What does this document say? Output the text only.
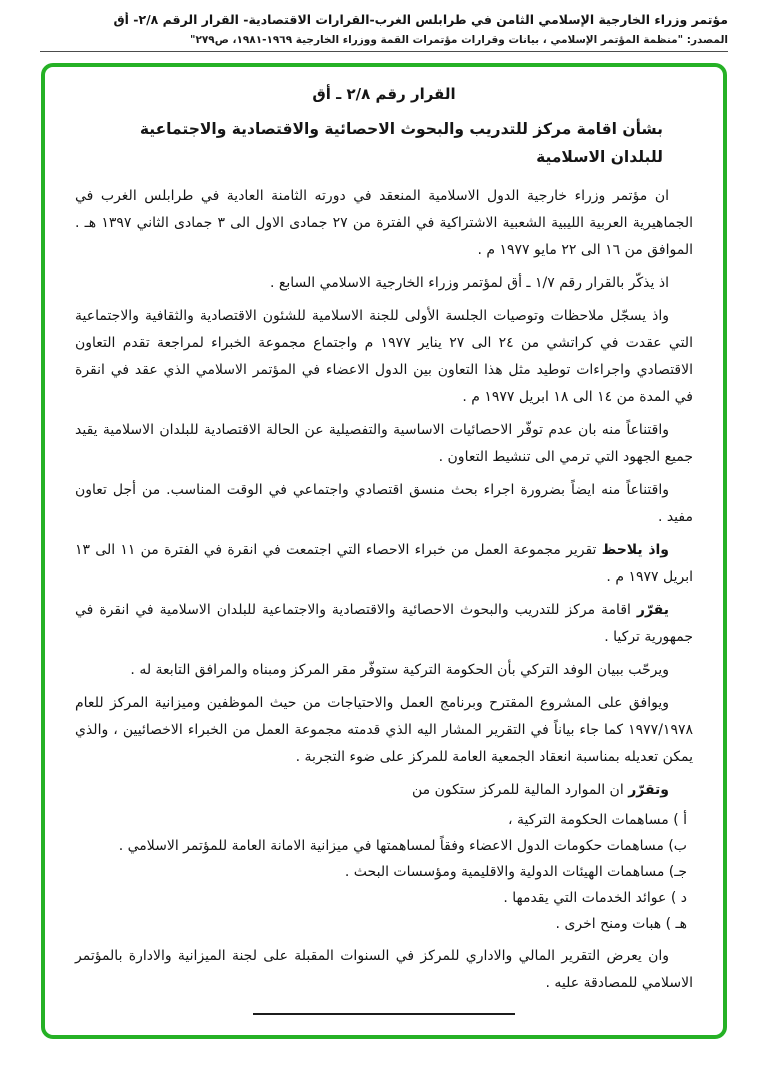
مؤتمر وزراء الخارجية الإسلامي الثامن في طرابلس الغرب-القرارات الاقتصادية- القرار الرقم ٢/٨- أق
المصدر: "منظمة المؤتمر الإسلامي ، بيانات وقرارات مؤتمرات القمة ووزراء الخارجية ١٩٦٩-١٩٨١، ص٢٧٩"
القرار رقم ٢/٨ ـ أق
بشأن اقامة مركز للتدريب والبحوث الاحصائية والاقتصادية والاجتماعية
للبلدان الاسلامية

ان مؤتمر وزراء خارجية الدول الاسلامية المنعقد في دورته الثامنة العادية في طرابلس الغرب في الجماهيرية العربية الليبية الشعبية الاشتراكية في الفترة من ٢٧ جمادى الاول الى ٣ جمادى الثاني ١٣٩٧ هـ . الموافق من ١٦ الى ٢٢ مايو ١٩٧٧ م .

اذ يذكّر بالقرار رقم ١/٧ ـ أق لمؤتمر وزراء الخارجية الاسلامي السابع .

واذ يسجّل ملاحظات وتوصيات الجلسة الأولى للجنة الاسلامية للشئون الاقتصادية والثقافية والاجتماعية التي عقدت في كراتشي من ٢٤ الى ٢٧ يناير ١٩٧٧ م واجتماع مجموعة الخبراء لمراجعة تقدم التعاون الاقتصادي واجراءات توطيد مثل هذا التعاون بين الدول الاعضاء في المؤتمر الاسلامي الذي عقد في انقرة في المدة من ١٤ الى ١٨ ابريل ١٩٧٧ م .

واقتناعاً منه بان عدم توفّر الاحصائيات الاساسية والتفصيلية عن الحالة الاقتصادية للبلدان الاسلامية يقيد جميع الجهود التي ترمي الى تنشيط التعاون .

واقتناعاً منه ايضاً بضرورة اجراء بحث منسق اقتصادي واجتماعي في الوقت المناسب. من أجل تعاون مفيد .

واذ يلاحظ تقرير مجموعة العمل من خبراء الاحصاء التي اجتمعت في انقرة في الفترة من ١١ الى ١٣ ابريل ١٩٧٧ م .

يقرّر اقامة مركز للتدريب والبحوث الاحصائية والاقتصادية والاجتماعية للبلدان الاسلامية في انقرة في جمهورية تركيا .

ويرحّب ببيان الوفد التركي بأن الحكومة التركية ستوفّر مقر المركز ومبناه والمرافق التابعة له .

ويوافق على المشروع المقترح وبرنامج العمل والاحتياجات من حيث الموظفين وميزانية المركز للعام ١٩٧٧/١٩٧٨ كما جاء بياناً في التقرير المشار اليه الذي قدمته مجموعة العمل من الخبراء الاخصائيين ، والذي يمكن تعديله بمناسبة انعقاد الجمعية العامة للمركز على ضوء التجربة .

وتقرّر ان الموارد المالية للمركز ستكون من

أ ) مساهمات الحكومة التركية ،
ب) مساهمات حكومات الدول الاعضاء وفقاً لمساهمتها في ميزانية الامانة العامة للمؤتمر الاسلامي .
جـ) مساهمات الهيئات الدولية والاقليمية ومؤسسات البحث .
د ) عوائد الخدمات التي يقدمها .
هـ ) هبات ومنح اخرى .

وان يعرض التقرير المالي والاداري للمركز في السنوات المقبلة على لجنة الميزانية والادارة بالمؤتمر الاسلامي للمصادقة عليه .
